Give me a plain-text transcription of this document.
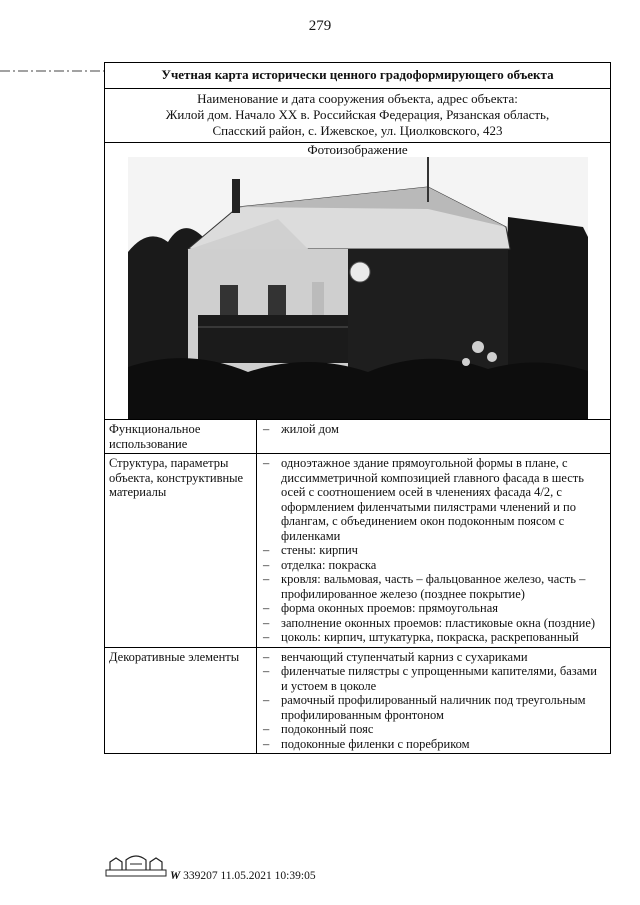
279
Учетная карта исторически ценного градоформирующего объекта
Наименование и дата сооружения объекта, адрес объекта:
Жилой дом. Начало XX в. Российская Федерация, Рязанская область,
Спасский район, с. Ижевское, ул. Циолковского, 423
Фотоизображение
Функциональное использование
– жилой дом
Структура, параметры объекта, конструктивные материалы
– одноэтажное здание прямоугольной формы в плане, с диссимметричной композицией главного фасада в шесть осей с соотношением осей в членениях фасада 4/2, с оформлением филенчатыми пилястрами членений и по флангам, с объединением окон подоконным поясом с филенками
– стены: кирпич
– отделка: покраска
– кровля: вальмовая, часть – фальцованное железо, часть – профилированное железо (позднее покрытие)
– форма оконных проемов: прямоугольная
– заполнение оконных проемов: пластиковые окна (поздние)
– цоколь: кирпич, штукатурка, покраска, раскрепованный
Декоративные элементы	– венчающий ступенчатый карниз с сухариками
– филенчатые пилястры с упрощенными капителями, базами и устоем в цоколе
– рамочный профилированный наличник под треугольным профилированным фронтоном
– подоконный пояс
– подоконные филенки с поребриком
W 339207 11.05.2021 10:39:05
